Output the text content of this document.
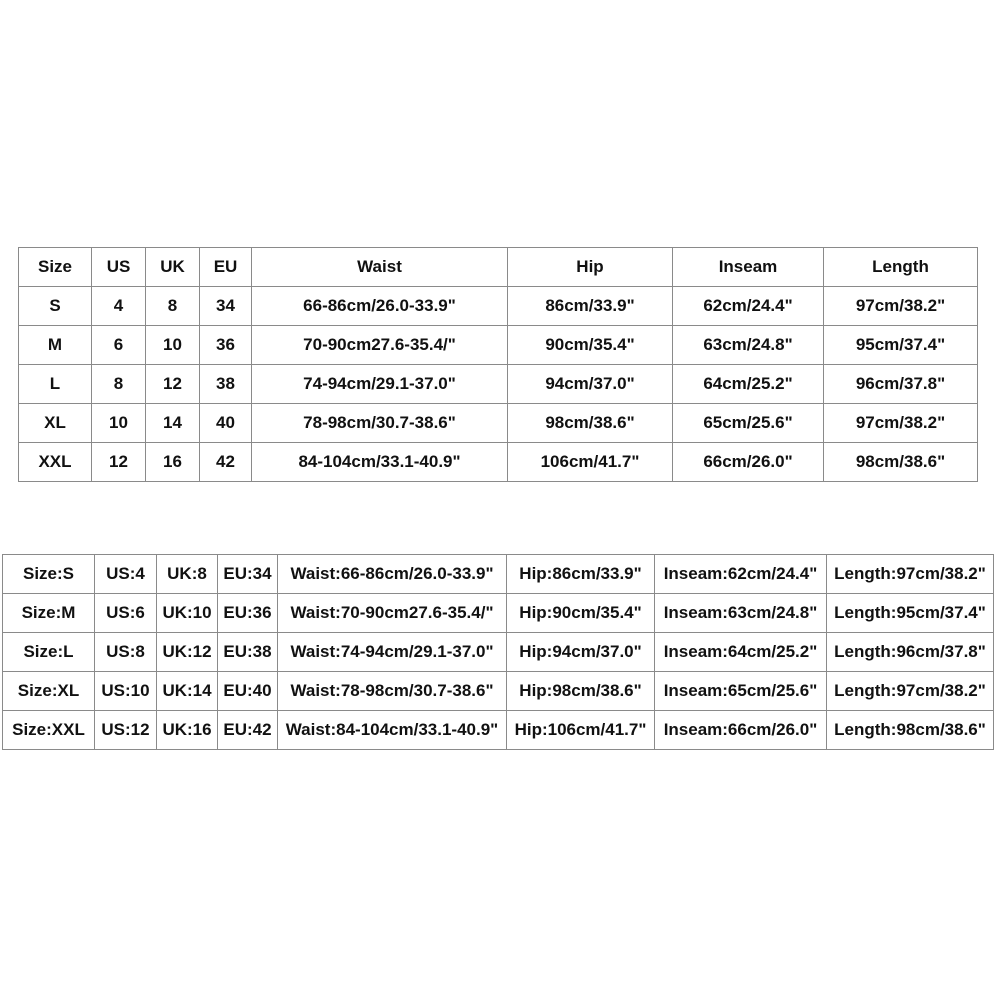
Size	US	UK	EU	Waist	Hip	Inseam	Length
S	4	8	34	66-86cm/26.0-33.9"	86cm/33.9"	62cm/24.4"	97cm/38.2"
M	6	10	36	70-90cm27.6-35.4/"	90cm/35.4"	63cm/24.8"	95cm/37.4"
L	8	12	38	74-94cm/29.1-37.0"	94cm/37.0"	64cm/25.2"	96cm/37.8"
XL	10	14	40	78-98cm/30.7-38.6"	98cm/38.6"	65cm/25.6"	97cm/38.2"
XXL	12	16	42	84-104cm/33.1-40.9"	106cm/41.7"	66cm/26.0"	98cm/38.6"
Size:S	US:4	UK:8	EU:34	Waist:66-86cm/26.0-33.9"	Hip:86cm/33.9"	Inseam:62cm/24.4"	Length:97cm/38.2"
Size:M	US:6	UK:10	EU:36	Waist:70-90cm27.6-35.4/"	Hip:90cm/35.4"	Inseam:63cm/24.8"	Length:95cm/37.4"
Size:L	US:8	UK:12	EU:38	Waist:74-94cm/29.1-37.0"	Hip:94cm/37.0"	Inseam:64cm/25.2"	Length:96cm/37.8"
Size:XL	US:10	UK:14	EU:40	Waist:78-98cm/30.7-38.6"	Hip:98cm/38.6"	Inseam:65cm/25.6"	Length:97cm/38.2"
Size:XXL	US:12	UK:16	EU:42	Waist:84-104cm/33.1-40.9"	Hip:106cm/41.7"	Inseam:66cm/26.0"	Length:98cm/38.6"
